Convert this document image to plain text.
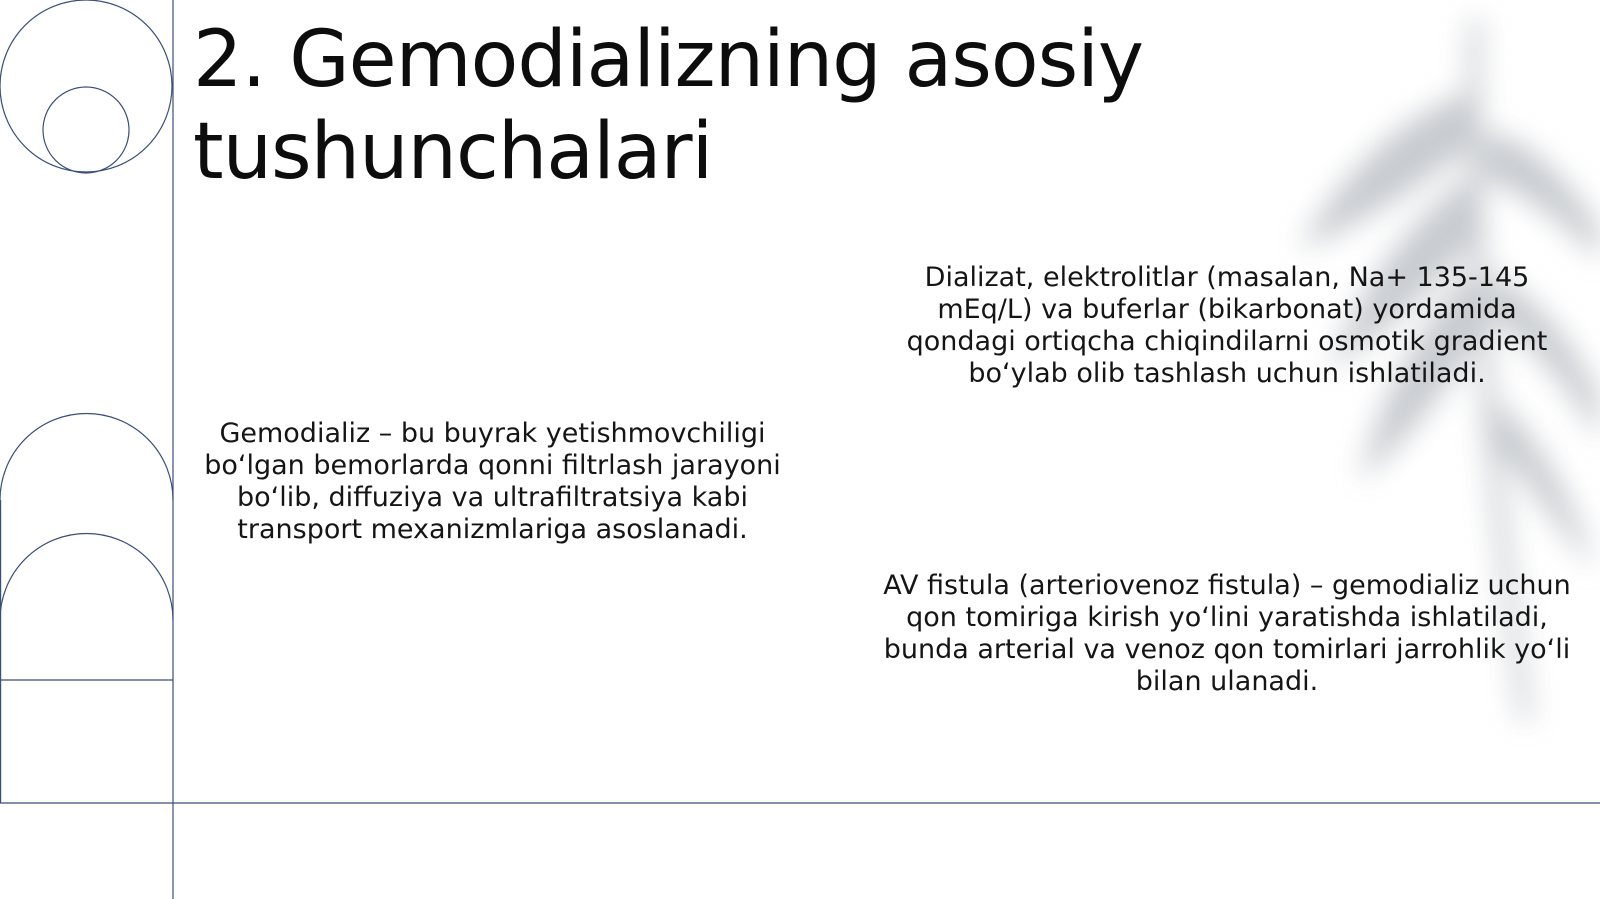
2. Gemodializning asosiy tushunchalari

Gemodializ – bu buyrak yetishmovchiligi bo‘lgan bemorlarda qonni filtrlash jarayoni bo‘lib, diffuziya va ultrafiltratsiya kabi transport mexanizmlariga asoslanadi.

Dializat, elektrolitlar (masalan, Na+ 135-145 mEq/L) va buferlar (bikarbonat) yordamida qondagi ortiqcha chiqindilarni osmotik gradient bo‘ylab olib tashlash uchun ishlatiladi.

AV fistula (arteriovenoz fistula) – gemodializ uchun qon tomiriga kirish yo‘lini yaratishda ishlatiladi, bunda arterial va venoz qon tomirlari jarrohlik yo‘li bilan ulanadi.
